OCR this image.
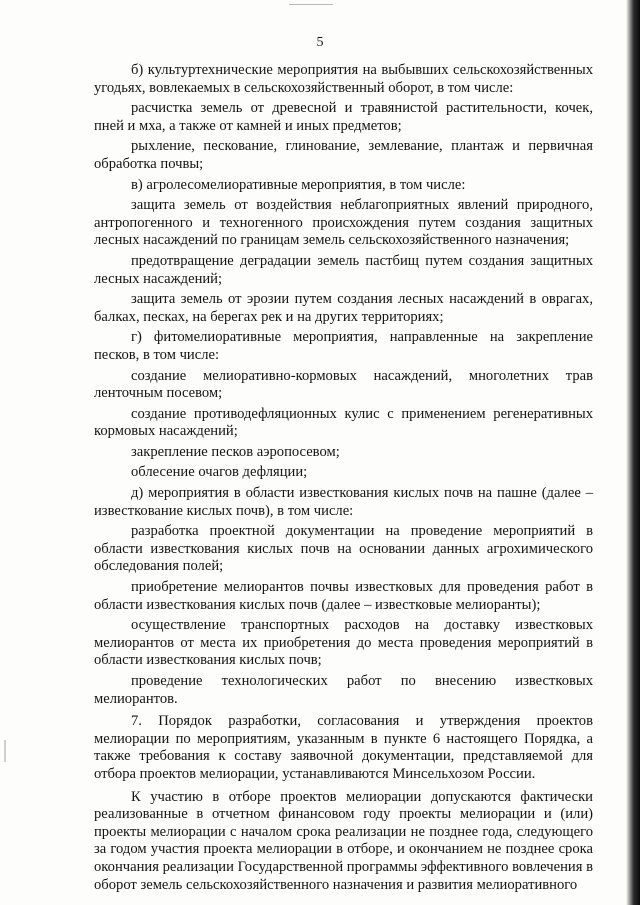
5

б) культуртехнические мероприятия на выбывших сельскохозяйственных угодьях, вовлекаемых в сельскохозяйственный оборот, в том числе:

расчистка земель от древесной и травянистой растительности, кочек, пней и мха, а также от камней и иных предметов;

рыхление, пескование, глинование, землевание, плантаж и первичная обработка почвы;

в) агролесомелиоративные мероприятия, в том числе:

защита земель от воздействия неблагоприятных явлений природного, антропогенного и техногенного происхождения путем создания защитных лесных насаждений по границам земель сельскохозяйственного назначения;

предотвращение деградации земель пастбищ путем создания защитных лесных насаждений;

защита земель от эрозии путем создания лесных насаждений в оврагах, балках, песках, на берегах рек и на других территориях;

г) фитомелиоративные мероприятия, направленные на закрепление песков, в том числе:

создание мелиоративно-кормовых насаждений, многолетних трав ленточным посевом;

создание противодефляционных кулис с применением регенеративных кормовых насаждений;

закрепление песков аэропосевом;

облесение очагов дефляции;

д) мероприятия в области известкования кислых почв на пашне (далее – известкование кислых почв), в том числе:

разработка проектной документации на проведение мероприятий в области известкования кислых почв на основании данных агрохимического обследования полей;

приобретение мелиорантов почвы известковых для проведения работ в области известкования кислых почв (далее – известковые мелиоранты);

осуществление транспортных расходов на доставку известковых мелиорантов от места их приобретения до места проведения мероприятий в области известкования кислых почв;

проведение технологических работ по внесению известковых мелиорантов.

7. Порядок разработки, согласования и утверждения проектов мелиорации по мероприятиям, указанным в пункте 6 настоящего Порядка, а также требования к составу заявочной документации, представляемой для отбора проектов мелиорации, устанавливаются Минсельхозом России.

К участию в отборе проектов мелиорации допускаются фактически реализованные в отчетном финансовом году проекты мелиорации и (или) проекты мелиорации с началом срока реализации не позднее года, следующего за годом участия проекта мелиорации в отборе, и окончанием не позднее срока окончания реализации Государственной программы эффективного вовлечения в оборот земель сельскохозяйственного назначения и развития мелиоративного
